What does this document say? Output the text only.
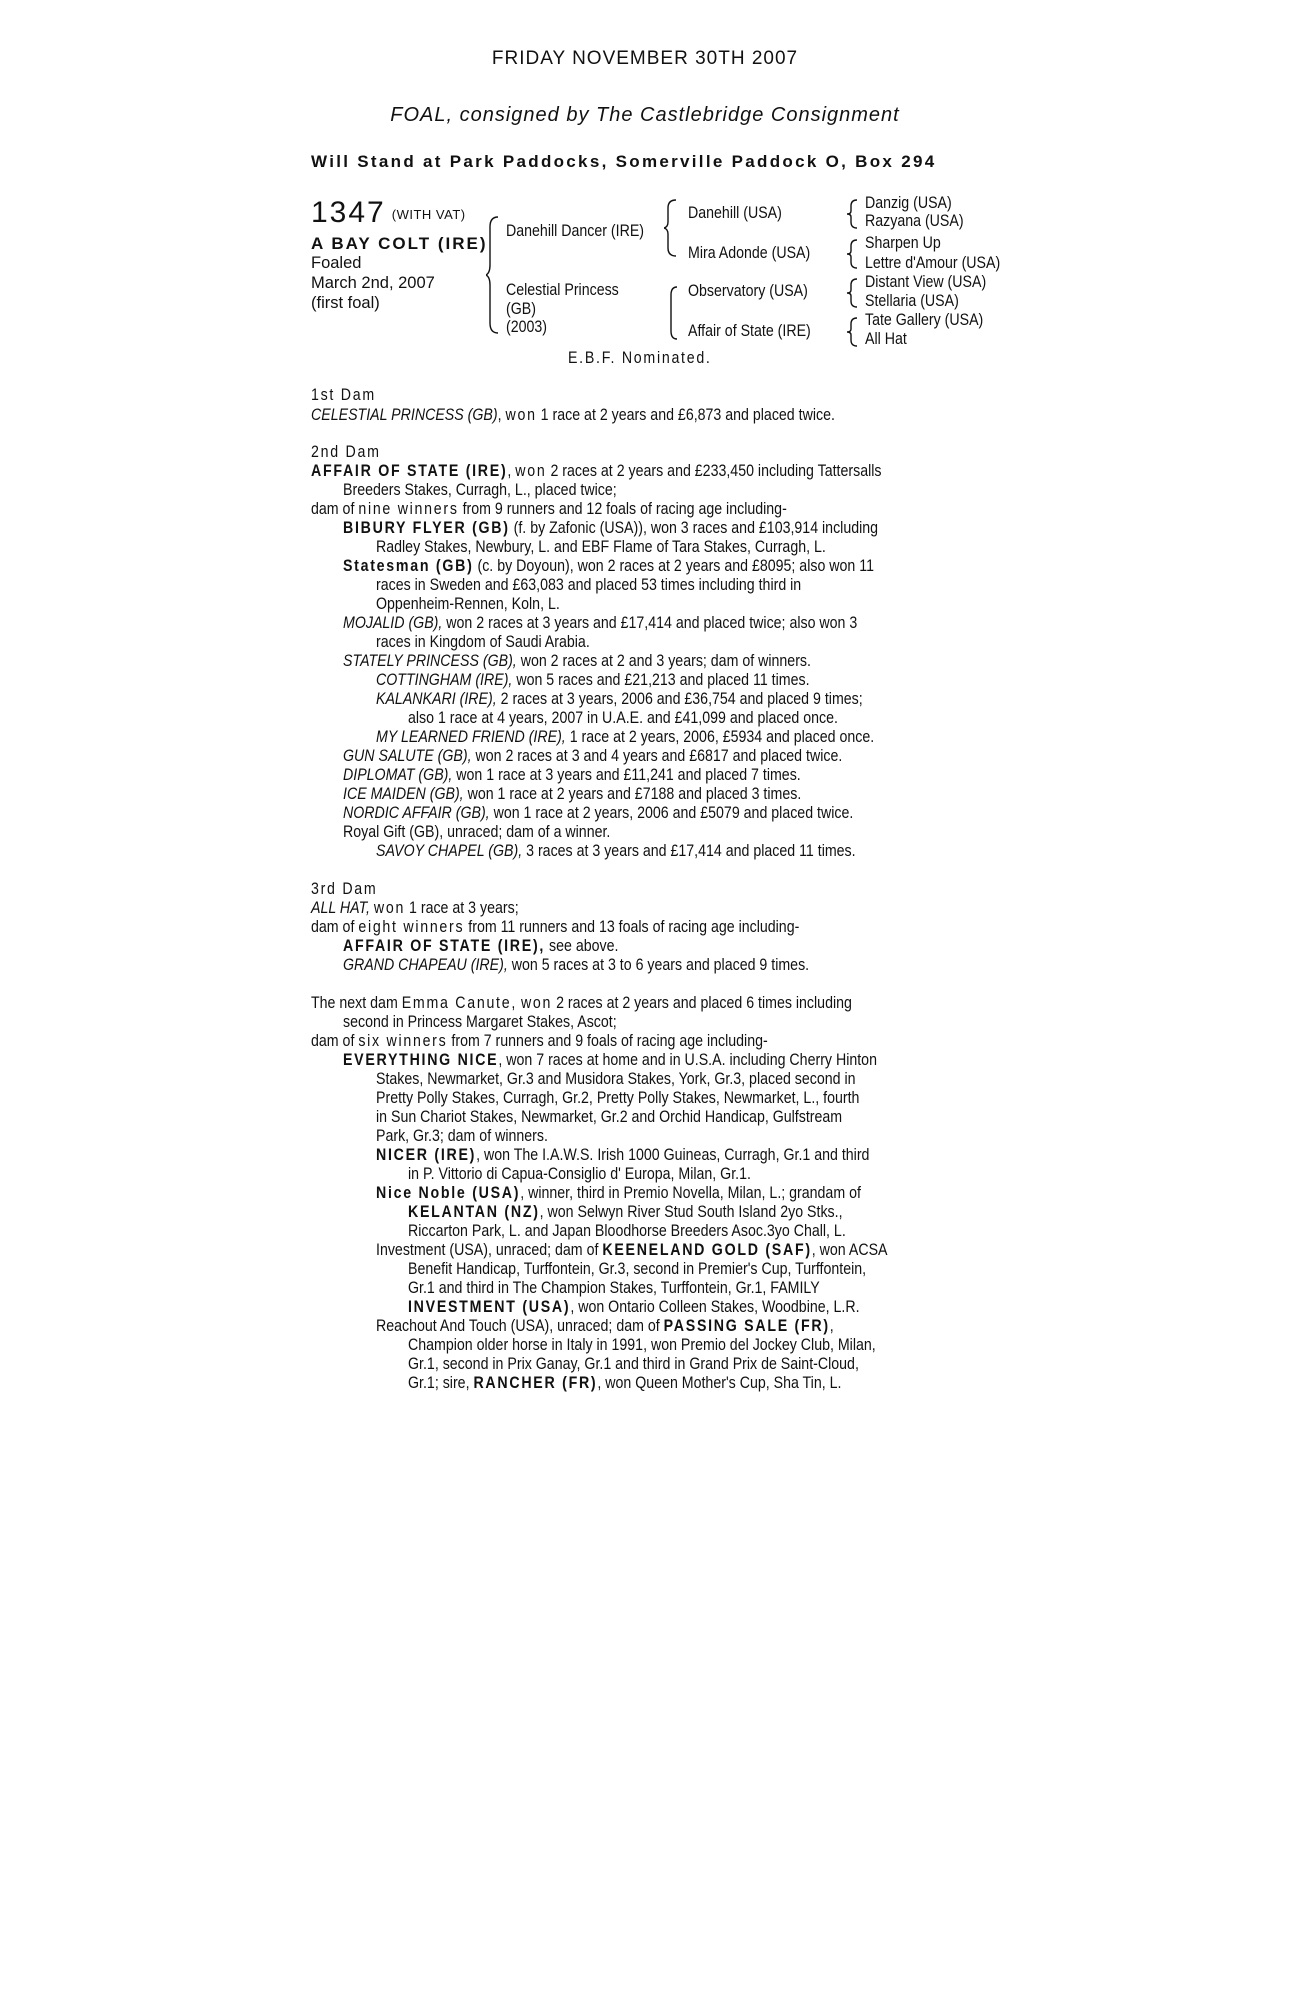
FRIDAY NOVEMBER 30TH 2007
FOAL, consigned by The Castlebridge Consignment
Will Stand at Park Paddocks, Somerville Paddock O, Box 294
1347 (WITH VAT)
A BAY COLT (IRE)
Foaled
March 2nd, 2007
(first foal)
Danehill Dancer (IRE)
Celestial Princess
(GB)
(2003)
Danehill (USA)
Mira Adonde (USA)
Observatory (USA)
Affair of State (IRE)
Danzig (USA)
Razyana (USA)
Sharpen Up
Lettre d'Amour (USA)
Distant View (USA)
Stellaria (USA)
Tate Gallery (USA)
All Hat
E.B.F. Nominated.
1st Dam
CELESTIAL PRINCESS (GB), won 1 race at 2 years and £6,873 and placed twice.
2nd Dam
AFFAIR OF STATE (IRE), won 2 races at 2 years and £233,450 including Tattersalls
Breeders Stakes, Curragh, L., placed twice;
dam of nine winners from 9 runners and 12 foals of racing age including-
BIBURY FLYER (GB) (f. by Zafonic (USA)), won 3 races and £103,914 including
Radley Stakes, Newbury, L. and EBF Flame of Tara Stakes, Curragh, L.
Statesman (GB) (c. by Doyoun), won 2 races at 2 years and £8095; also won 11
races in Sweden and £63,083 and placed 53 times including third in
Oppenheim-Rennen, Koln, L.
MOJALID (GB), won 2 races at 3 years and £17,414 and placed twice; also won 3
races in Kingdom of Saudi Arabia.
STATELY PRINCESS (GB), won 2 races at 2 and 3 years; dam of winners.
COTTINGHAM (IRE), won 5 races and £21,213 and placed 11 times.
KALANKARI (IRE), 2 races at 3 years, 2006 and £36,754 and placed 9 times;
also 1 race at 4 years, 2007 in U.A.E. and £41,099 and placed once.
MY LEARNED FRIEND (IRE), 1 race at 2 years, 2006, £5934 and placed once.
GUN SALUTE (GB), won 2 races at 3 and 4 years and £6817 and placed twice.
DIPLOMAT (GB), won 1 race at 3 years and £11,241 and placed 7 times.
ICE MAIDEN (GB), won 1 race at 2 years and £7188 and placed 3 times.
NORDIC AFFAIR (GB), won 1 race at 2 years, 2006 and £5079 and placed twice.
Royal Gift (GB), unraced; dam of a winner.
SAVOY CHAPEL (GB), 3 races at 3 years and £17,414 and placed 11 times.
3rd Dam
ALL HAT, won 1 race at 3 years;
dam of eight winners from 11 runners and 13 foals of racing age including-
AFFAIR OF STATE (IRE), see above.
GRAND CHAPEAU (IRE), won 5 races at 3 to 6 years and placed 9 times.
The next dam Emma Canute, won 2 races at 2 years and placed 6 times including
second in Princess Margaret Stakes, Ascot;
dam of six winners from 7 runners and 9 foals of racing age including-
EVERYTHING NICE, won 7 races at home and in U.S.A. including Cherry Hinton
Stakes, Newmarket, Gr.3 and Musidora Stakes, York, Gr.3, placed second in
Pretty Polly Stakes, Curragh, Gr.2, Pretty Polly Stakes, Newmarket, L., fourth
in Sun Chariot Stakes, Newmarket, Gr.2 and Orchid Handicap, Gulfstream
Park, Gr.3; dam of winners.
NICER (IRE), won The I.A.W.S. Irish 1000 Guineas, Curragh, Gr.1 and third
in P. Vittorio di Capua-Consiglio d' Europa, Milan, Gr.1.
Nice Noble (USA), winner, third in Premio Novella, Milan, L.; grandam of
KELANTAN (NZ), won Selwyn River Stud South Island 2yo Stks.,
Riccarton Park, L. and Japan Bloodhorse Breeders Asoc.3yo Chall, L.
Investment (USA), unraced; dam of KEENELAND GOLD (SAF), won ACSA
Benefit Handicap, Turffontein, Gr.3, second in Premier's Cup, Turffontein,
Gr.1 and third in The Champion Stakes, Turffontein, Gr.1, FAMILY
INVESTMENT (USA), won Ontario Colleen Stakes, Woodbine, L.R.
Reachout And Touch (USA), unraced; dam of PASSING SALE (FR),
Champion older horse in Italy in 1991, won Premio del Jockey Club, Milan,
Gr.1, second in Prix Ganay, Gr.1 and third in Grand Prix de Saint-Cloud,
Gr.1; sire, RANCHER (FR), won Queen Mother's Cup, Sha Tin, L.
